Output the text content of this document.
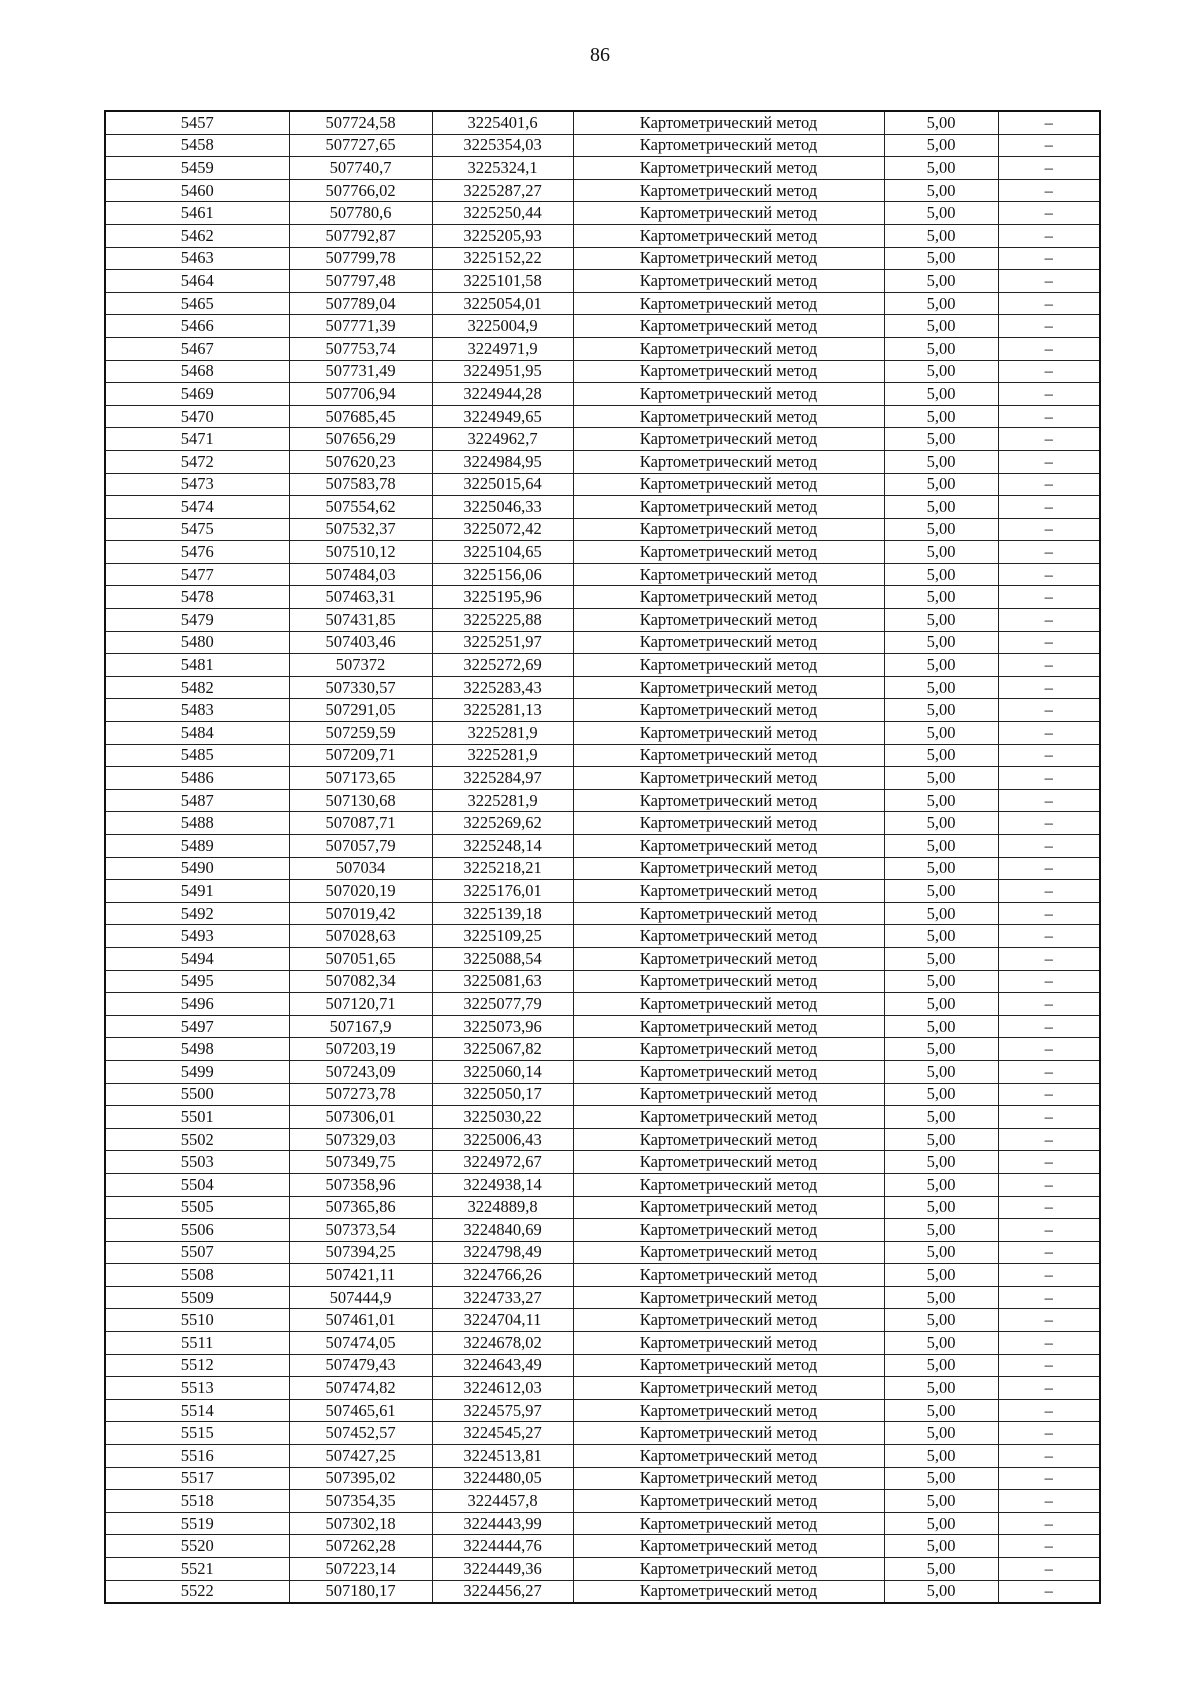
86
5457	507724,58	3225401,6	Картометрический метод	5,00	–
5458	507727,65	3225354,03	Картометрический метод	5,00	–
5459	507740,7	3225324,1	Картометрический метод	5,00	–
5460	507766,02	3225287,27	Картометрический метод	5,00	–
5461	507780,6	3225250,44	Картометрический метод	5,00	–
5462	507792,87	3225205,93	Картометрический метод	5,00	–
5463	507799,78	3225152,22	Картометрический метод	5,00	–
5464	507797,48	3225101,58	Картометрический метод	5,00	–
5465	507789,04	3225054,01	Картометрический метод	5,00	–
5466	507771,39	3225004,9	Картометрический метод	5,00	–
5467	507753,74	3224971,9	Картометрический метод	5,00	–
5468	507731,49	3224951,95	Картометрический метод	5,00	–
5469	507706,94	3224944,28	Картометрический метод	5,00	–
5470	507685,45	3224949,65	Картометрический метод	5,00	–
5471	507656,29	3224962,7	Картометрический метод	5,00	–
5472	507620,23	3224984,95	Картометрический метод	5,00	–
5473	507583,78	3225015,64	Картометрический метод	5,00	–
5474	507554,62	3225046,33	Картометрический метод	5,00	–
5475	507532,37	3225072,42	Картометрический метод	5,00	–
5476	507510,12	3225104,65	Картометрический метод	5,00	–
5477	507484,03	3225156,06	Картометрический метод	5,00	–
5478	507463,31	3225195,96	Картометрический метод	5,00	–
5479	507431,85	3225225,88	Картометрический метод	5,00	–
5480	507403,46	3225251,97	Картометрический метод	5,00	–
5481	507372	3225272,69	Картометрический метод	5,00	–
5482	507330,57	3225283,43	Картометрический метод	5,00	–
5483	507291,05	3225281,13	Картометрический метод	5,00	–
5484	507259,59	3225281,9	Картометрический метод	5,00	–
5485	507209,71	3225281,9	Картометрический метод	5,00	–
5486	507173,65	3225284,97	Картометрический метод	5,00	–
5487	507130,68	3225281,9	Картометрический метод	5,00	–
5488	507087,71	3225269,62	Картометрический метод	5,00	–
5489	507057,79	3225248,14	Картометрический метод	5,00	–
5490	507034	3225218,21	Картометрический метод	5,00	–
5491	507020,19	3225176,01	Картометрический метод	5,00	–
5492	507019,42	3225139,18	Картометрический метод	5,00	–
5493	507028,63	3225109,25	Картометрический метод	5,00	–
5494	507051,65	3225088,54	Картометрический метод	5,00	–
5495	507082,34	3225081,63	Картометрический метод	5,00	–
5496	507120,71	3225077,79	Картометрический метод	5,00	–
5497	507167,9	3225073,96	Картометрический метод	5,00	–
5498	507203,19	3225067,82	Картометрический метод	5,00	–
5499	507243,09	3225060,14	Картометрический метод	5,00	–
5500	507273,78	3225050,17	Картометрический метод	5,00	–
5501	507306,01	3225030,22	Картометрический метод	5,00	–
5502	507329,03	3225006,43	Картометрический метод	5,00	–
5503	507349,75	3224972,67	Картометрический метод	5,00	–
5504	507358,96	3224938,14	Картометрический метод	5,00	–
5505	507365,86	3224889,8	Картометрический метод	5,00	–
5506	507373,54	3224840,69	Картометрический метод	5,00	–
5507	507394,25	3224798,49	Картометрический метод	5,00	–
5508	507421,11	3224766,26	Картометрический метод	5,00	–
5509	507444,9	3224733,27	Картометрический метод	5,00	–
5510	507461,01	3224704,11	Картометрический метод	5,00	–
5511	507474,05	3224678,02	Картометрический метод	5,00	–
5512	507479,43	3224643,49	Картометрический метод	5,00	–
5513	507474,82	3224612,03	Картометрический метод	5,00	–
5514	507465,61	3224575,97	Картометрический метод	5,00	–
5515	507452,57	3224545,27	Картометрический метод	5,00	–
5516	507427,25	3224513,81	Картометрический метод	5,00	–
5517	507395,02	3224480,05	Картометрический метод	5,00	–
5518	507354,35	3224457,8	Картометрический метод	5,00	–
5519	507302,18	3224443,99	Картометрический метод	5,00	–
5520	507262,28	3224444,76	Картометрический метод	5,00	–
5521	507223,14	3224449,36	Картометрический метод	5,00	–
5522	507180,17	3224456,27	Картометрический метод	5,00	–
